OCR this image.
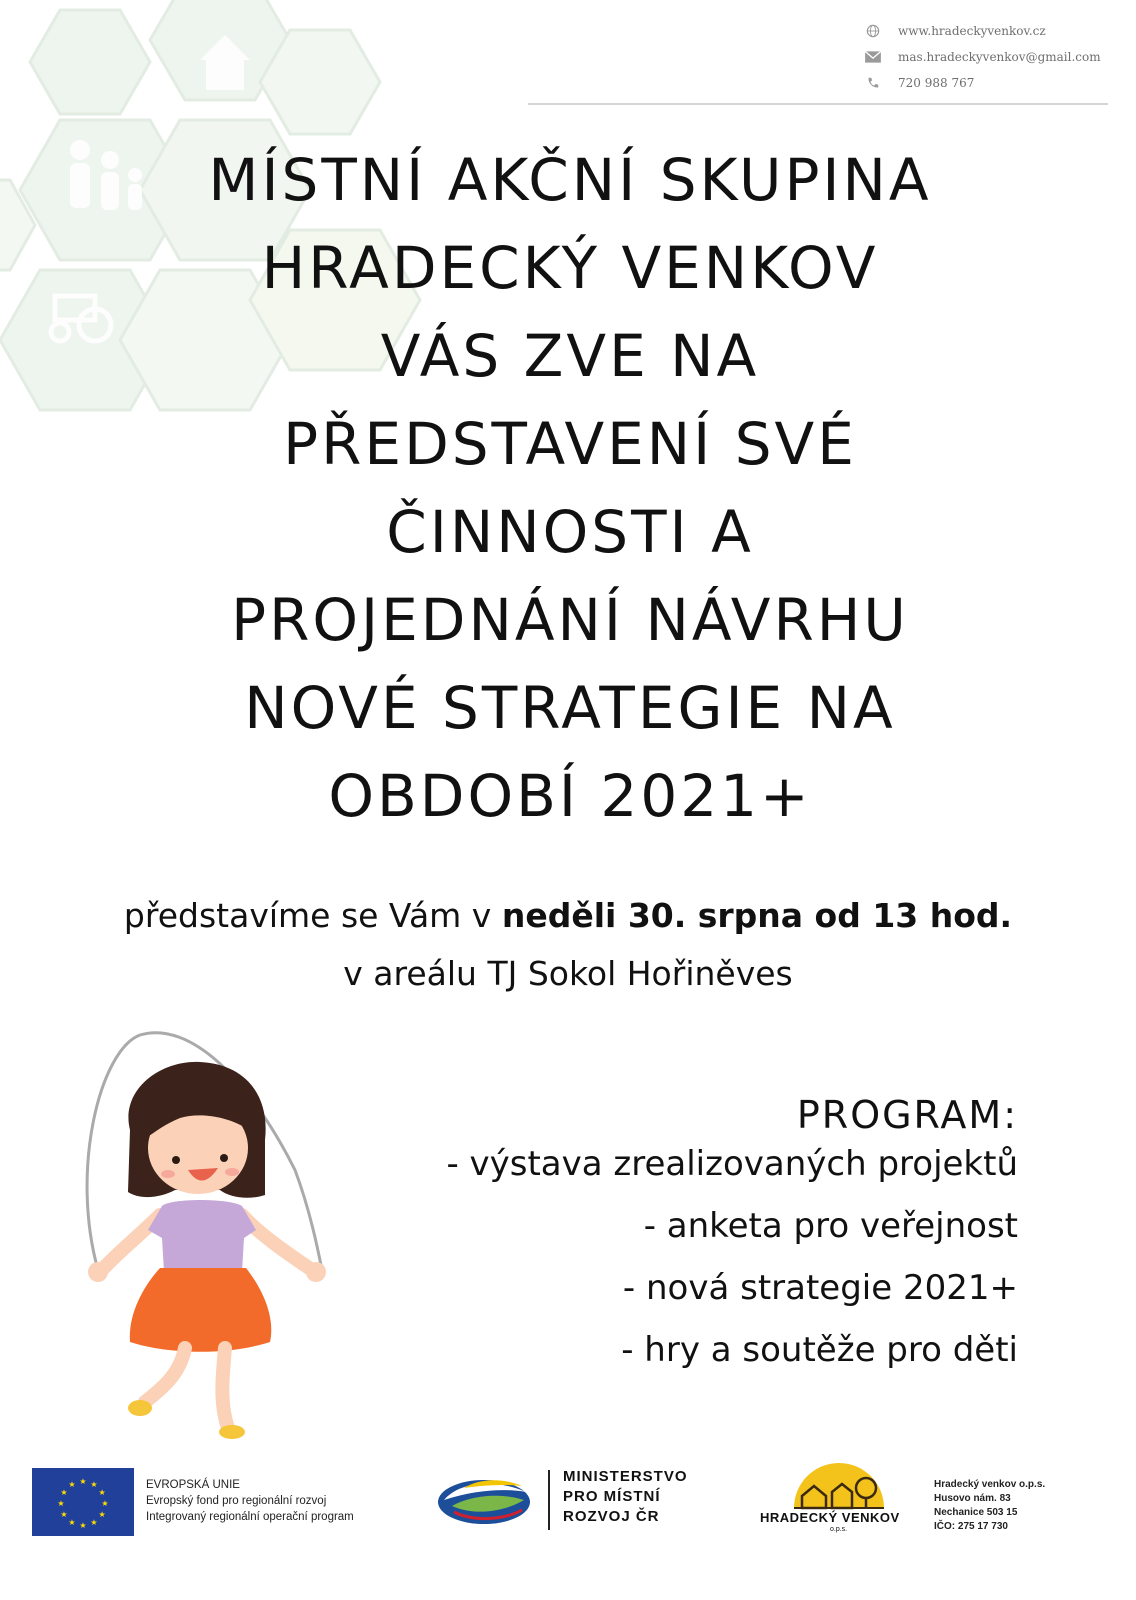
www.hradeckyvenkov.cz
mas.hradeckyvenkov@gmail.com
720 988 767
MÍSTNÍ AKČNÍ SKUPINA
HRADECKÝ VENKOV
VÁS ZVE NA
PŘEDSTAVENÍ SVÉ
ČINNOSTI A
PROJEDNÁNÍ NÁVRHU
NOVÉ STRATEGIE NA
OBDOBÍ 2021+
představíme se Vám v neděli 30. srpna od 13 hod.
v areálu TJ Sokol Hořiněves
PROGRAM:
- výstava zrealizovaných projektů
- anketa pro veřejnost
- nová strategie 2021+
- hry a soutěže pro děti
★
★
★
★
★
★
★
★
★ ★ ★
★
EVROPSKÁ UNIE
Evropský fond pro regionální rozvoj
Integrovaný regionální operační program
MINISTERSTVO
PRO MÍSTNÍ
ROZVOJ ČR	HRADECKÝ VENKOV
o.p.s.
Hradecký venkov o.p.s.
Husovo nám. 83
Nechanice 503 15
IČO: 275 17 730
